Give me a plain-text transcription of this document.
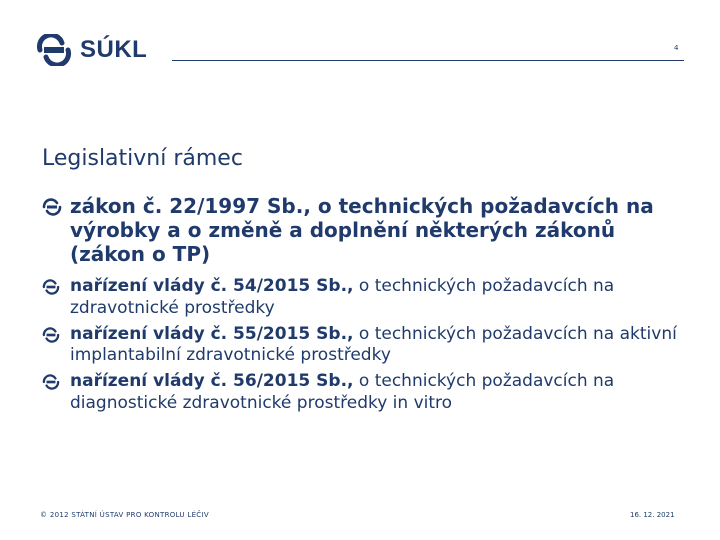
SÚKL	4
Legislativní rámec
zákon č. 22/1997 Sb., o technických požadavcích na výrobky a o změně a doplnění některých zákonů (zákon o TP)
nařízení vlády č. 54/2015 Sb., o technických požadavcích na zdravotnické prostředky
nařízení vlády č. 55/2015 Sb., o technických požadavcích na aktivní implantabilní zdravotnické prostředky
nařízení vlády č. 56/2015 Sb., o technických požadavcích na diagnostické zdravotnické prostředky in vitro
© 2012 STÁTNÍ ÚSTAV PRO KONTROLU LÉČIV	16. 12. 2021
